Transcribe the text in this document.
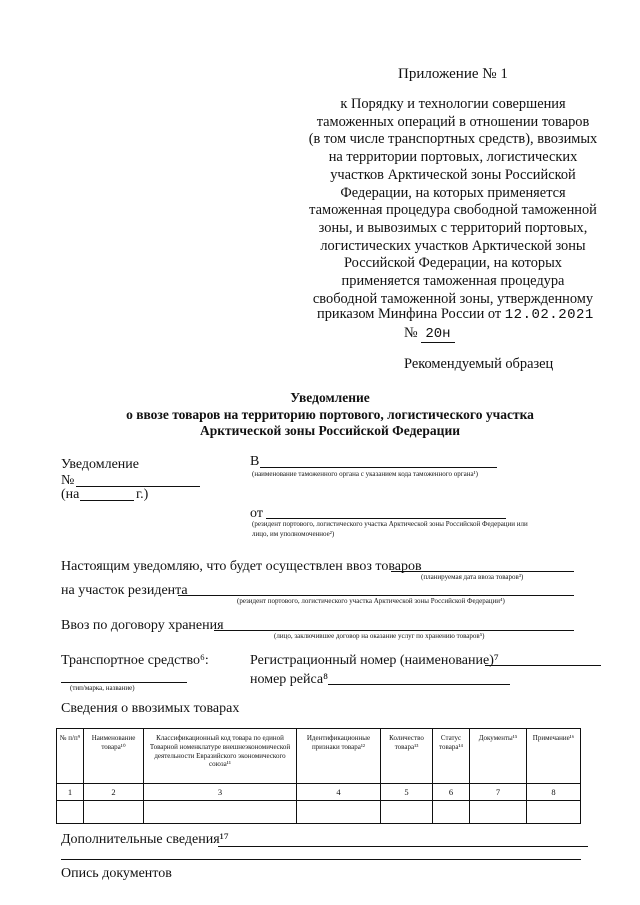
Приложение № 1
к Порядку и технологии совершения
таможенных операций в отношении товаров
(в том числе транспортных средств), ввозимых
на территории портовых, логистических
участков Арктической зоны Российской
Федерации, на которых применяется
таможенная процедура свободной таможенной
зоны, и вывозимых с территорий портовых,
логистических участков Арктической зоны
Российской Федерации, на которых
применяется таможенная процедура
свободной таможенной зоны, утвержденному
приказом Минфина России от 12.02.2021
№ 20н
Рекомендуемый образец
Уведомление
о ввозе товаров на территорию портового, логистического участка
Арктической зоны Российской Федерации
Уведомление
№
(на	г.)
В
(наименование таможенного органа с указанием кода таможенного органа¹)
от
(резидент портового, логистического участка Арктической зоны Российской Федерации или
лицо, им уполномоченное²)
Настоящим уведомляю, что будет осуществлен ввоз товаров
(планируемая дата ввоза товаров³)
на участок резидента
(резидент портового, логистического участка Арктической зоны Российской Федерации⁴)
Ввоз по договору хранения
(лицо, заключившее договор на оказание услуг по хранению товаров⁵)
Транспортное средство⁶:
(тип/марка, название)
Регистрационный номер (наименование)⁷
номер рейса⁸
Сведения о ввозимых товарах
№ п/п⁹	Наименование товара¹⁰	Классификационный код товара по единой Товарной номенклатуре внешнеэкономической деятельности Евразийского экономического союза¹¹	Идентификационные признаки товара¹²	Количество товара¹³	Статус товара¹⁴	Документы¹⁵	Примечание¹⁶
1	2	3	4	5	6	7	8

Дополнительные сведения¹⁷
Опись документов
